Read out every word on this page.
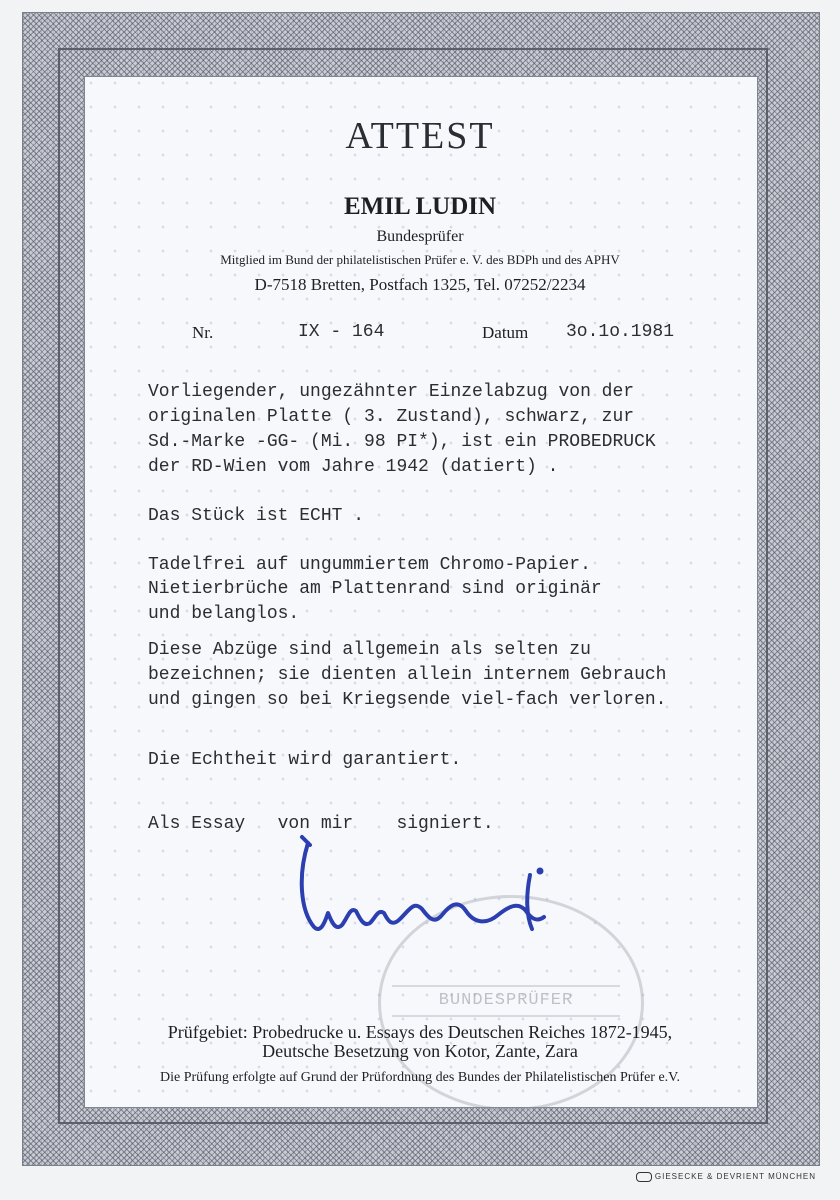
ATTEST
EMIL LUDIN
Bundesprüfer
Mitglied im Bund der philatelistischen Prüfer e. V. des BDPh und des APHV
D-7518 Bretten, Postfach 1325, Tel. 07252/2234
Nr.	IX - 164	Datum 3o.1o.1981
Vorliegender, ungezähnter Einzelabzug von der
originalen Platte ( 3. Zustand), schwarz, zur
Sd.-Marke -GG- (Mi. 98 PI*), ist ein PROBEDRUCK
der RD-Wien vom Jahre 1942 (datiert) .
Das Stück ist ECHT .
Tadelfrei auf ungummiertem Chromo-Papier.
Nietierbrüche am Plattenrand sind originär
und belanglos.
Diese Abzüge sind allgemein als selten zu
bezeichnen; sie dienten allein internem Gebrauch
und gingen so bei Kriegsende viel-fach verloren.
Die Echtheit wird garantiert.
Als Essay   von mir    signiert.
BUNDESPRÜFER
Prüfgebiet: Probedrucke u. Essays des Deutschen Reiches 1872-1945,
Deutsche Besetzung von Kotor, Zante, Zara
Die Prüfung erfolgte auf Grund der Prüfordnung des Bundes der Philatelistischen Prüfer e.V.
GIESECKE & DEVRIENT MÜNCHEN
